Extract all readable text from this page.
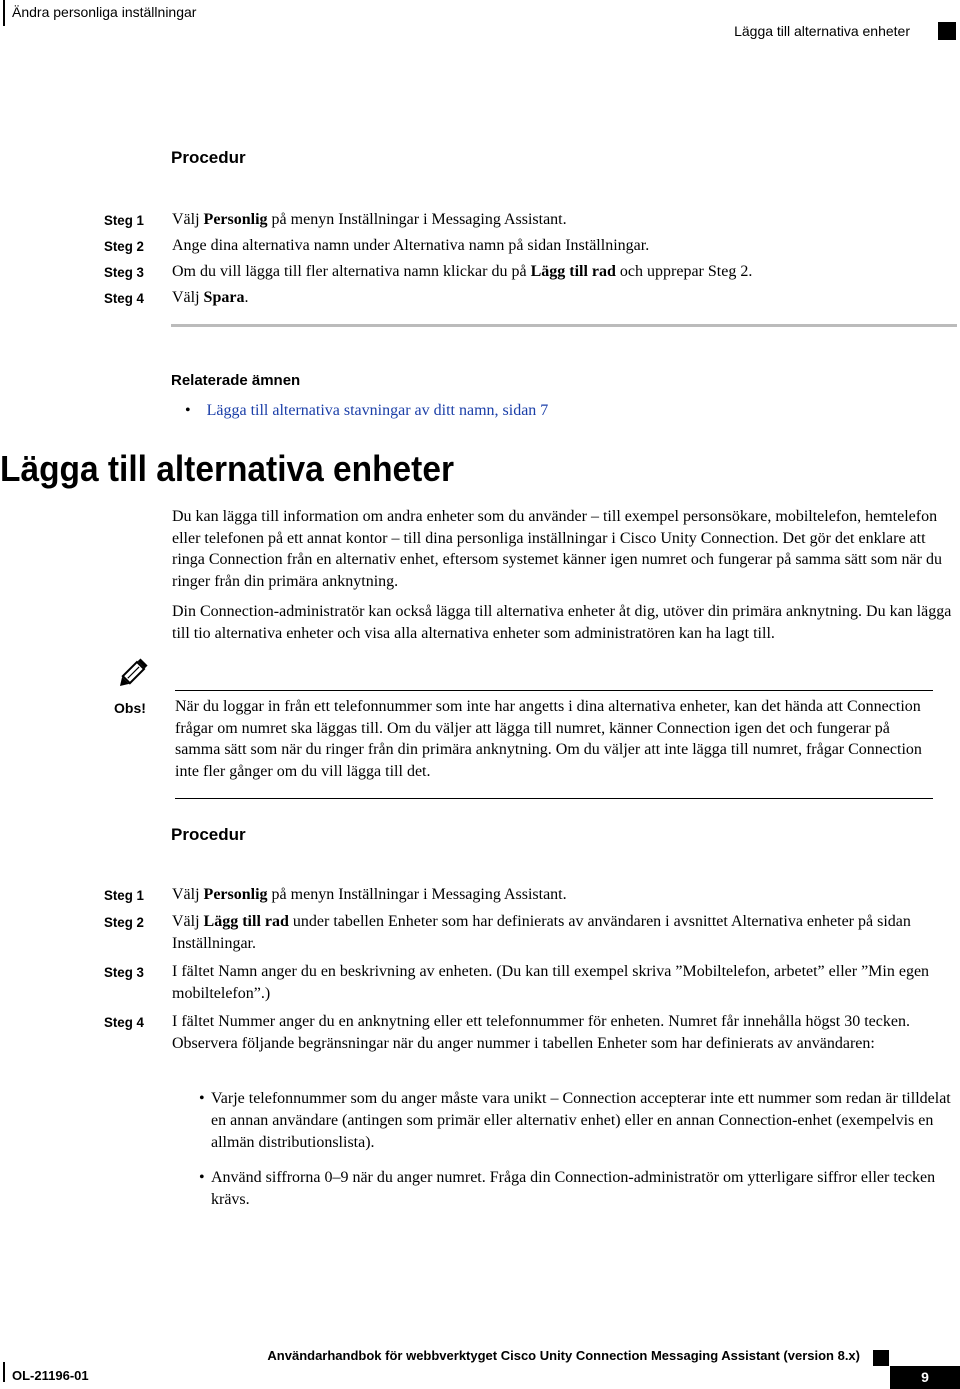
Ändra personliga inställningar
Lägga till alternativa enheter
Procedur
Steg 1	Välj Personlig på menyn Inställningar i Messaging Assistant.
Steg 2	Ange dina alternativa namn under Alternativa namn på sidan Inställningar.
Steg 3	Om du vill lägga till fler alternativa namn klickar du på Lägg till rad och upprepar Steg 2.
Steg 4	Välj Spara.
Relaterade ämnen
• Lägga till alternativa stavningar av ditt namn, sidan 7
Lägga till alternativa enheter
Du kan lägga till information om andra enheter som du använder – till exempel personsökare, mobiltelefon, hemtelefon eller telefonen på ett annat kontor – till dina personliga inställningar i Cisco Unity Connection. Det gör det enklare att ringa Connection från en alternativ enhet, eftersom systemet känner igen numret och fungerar på samma sätt som när du ringer från din primära anknytning.
Din Connection-administratör kan också lägga till alternativa enheter åt dig, utöver din primära anknytning. Du kan lägga till tio alternativa enheter och visa alla alternativa enheter som administratören kan ha lagt till.
Obs! När du loggar in från ett telefonnummer som inte har angetts i dina alternativa enheter, kan det hända att Connection frågar om numret ska läggas till. Om du väljer att lägga till numret, känner Connection igen det och fungerar på samma sätt som när du ringer från din primära anknytning. Om du väljer att inte lägga till numret, frågar Connection inte fler gånger om du vill lägga till det.
Procedur
Steg 1	Välj Personlig på menyn Inställningar i Messaging Assistant.
Steg 2	Välj Lägg till rad under tabellen Enheter som har definierats av användaren i avsnittet Alternativa enheter på sidan Inställningar.
Steg 3	I fältet Namn anger du en beskrivning av enheten. (Du kan till exempel skriva ”Mobiltelefon, arbetet” eller ”Min egen mobiltelefon”.)
Steg 4	I fältet Nummer anger du en anknytning eller ett telefonnummer för enheten. Numret får innehålla högst 30 tecken.
Observera följande begränsningar när du anger nummer i tabellen Enheter som har definierats av användaren:
• Varje telefonnummer som du anger måste vara unikt – Connection accepterar inte ett nummer som redan är tilldelat en annan användare (antingen som primär eller alternativ enhet) eller en annan Connection-enhet (exempelvis en allmän distributionslista).
• Använd siffrorna 0–9 när du anger numret. Fråga din Connection-administratör om ytterligare siffror eller tecken krävs.
Användarhandbok för webbverktyget Cisco Unity Connection Messaging Assistant (version 8.x)
OL-21196-01	9
